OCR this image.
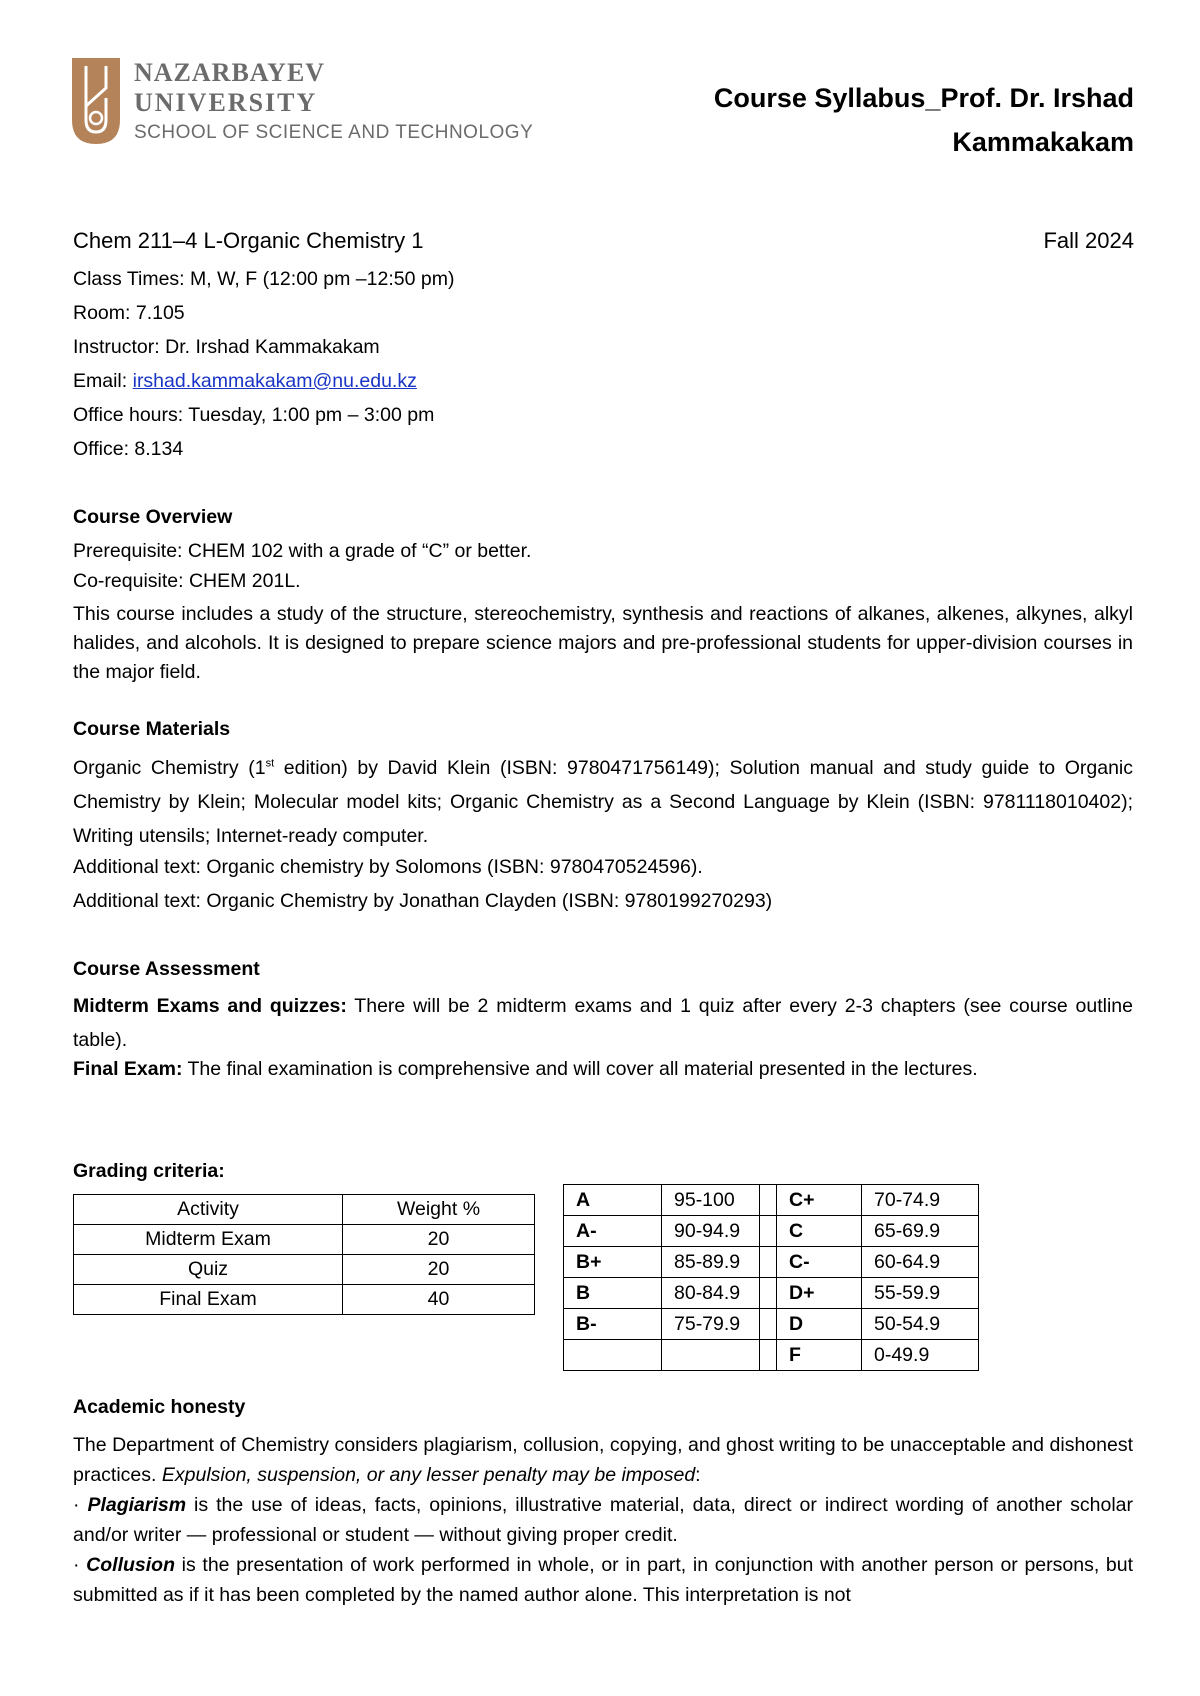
NAZARBAYEV
UNIVERSITY
SCHOOL OF SCIENCE AND TECHNOLOGY
Course Syllabus_Prof. Dr. Irshad Kammakakam
Chem 211–4 L-Organic Chemistry 1	Fall 2024
Class Times: M, W, F (12:00 pm –12:50 pm)
Room: 7.105
Instructor: Dr. Irshad Kammakakam
Email: irshad.kammakakam@nu.edu.kz
Office hours: Tuesday, 1:00 pm – 3:00 pm
Office: 8.134
Course Overview
Prerequisite: CHEM 102 with a grade of “C” or better.
Co-requisite: CHEM 201L.
This course includes a study of the structure, stereochemistry, synthesis and reactions of alkanes, alkenes, alkynes, alkyl halides, and alcohols. It is designed to prepare science majors and pre-professional students for upper-division courses in the major field.
Course Materials
Organic Chemistry (1st edition) by David Klein (ISBN: 9780471756149); Solution manual and study guide to Organic Chemistry by Klein; Molecular model kits; Organic Chemistry as a Second Language by Klein (ISBN: 9781118010402); Writing utensils; Internet-ready computer.
Additional text: Organic chemistry by Solomons (ISBN: 9780470524596).
Additional text: Organic Chemistry by Jonathan Clayden (ISBN: 9780199270293)
Course Assessment
Midterm Exams and quizzes: There will be 2 midterm exams and 1 quiz after every 2-3 chapters (see course outline table).
Final Exam: The final examination is comprehensive and will cover all material presented in the lectures.
Grading criteria:
Activity	Weight %
Midterm Exam	20
Quiz	20
Final Exam	40
A	95-100		C+	70-74.9
A-	90-94.9		C	65-69.9
B+	85-89.9		C-	60-64.9
B	80-84.9		D+	55-59.9
B-	75-79.9		D	50-54.9
			F	0-49.9
Academic honesty
The Department of Chemistry considers plagiarism, collusion, copying, and ghost writing to be unacceptable and dishonest practices. Expulsion, suspension, or any lesser penalty may be imposed:
· Plagiarism is the use of ideas, facts, opinions, illustrative material, data, direct or indirect wording of another scholar and/or writer — professional or student — without giving proper credit.
· Collusion is the presentation of work performed in whole, or in part, in conjunction with another person or persons, but submitted as if it has been completed by the named author alone. This interpretation is not
